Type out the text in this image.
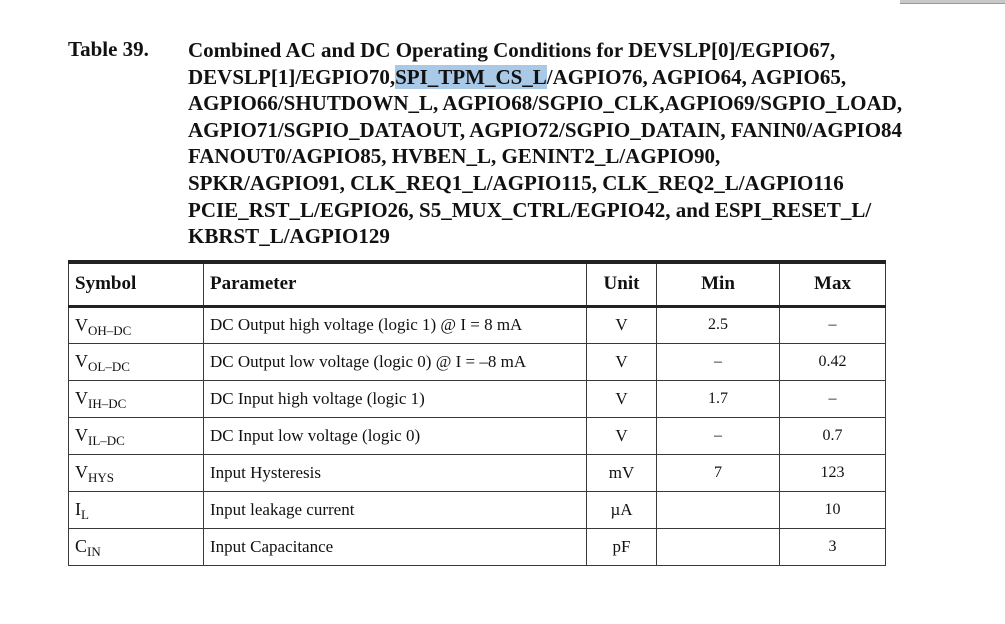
Table 39. Combined AC and DC Operating Conditions for DEVSLP[0]/EGPIO67,
DEVSLP[1]/EGPIO70,SPI_TPM_CS_L/AGPIO76, AGPIO64, AGPIO65,
AGPIO66/SHUTDOWN_L, AGPIO68/SGPIO_CLK,AGPIO69/SGPIO_LOAD,
AGPIO71/SGPIO_DATAOUT, AGPIO72/SGPIO_DATAIN, FANIN0/AGPIO84
FANOUT0/AGPIO85, HVBEN_L, GENINT2_L/AGPIO90,
SPKR/AGPIO91, CLK_REQ1_L/AGPIO115, CLK_REQ2_L/AGPIO116
PCIE_RST_L/EGPIO26, S5_MUX_CTRL/EGPIO42, and ESPI_RESET_L/
KBRST_L/AGPIO129
Symbol	Parameter	Unit	Min	Max
$V_{OH-DC}$	DC Output high voltage (logic 1) @ I = 8 mA	V	2.5	–
$V_{OL-DC}$	DC Output low voltage (logic 0) @ I = –8 mA	V	–	0.42
$V_{IH-DC}$	DC Input high voltage (logic 1)	V	1.7	–
$V_{IL-DC}$	DC Input low voltage (logic 0)	V	–	0.7
$V_{HYS}$	Input Hysteresis	mV	7	123
$I_L$	Input leakage current	µA		10
$C_{IN}$	Input Capacitance	pF		3
